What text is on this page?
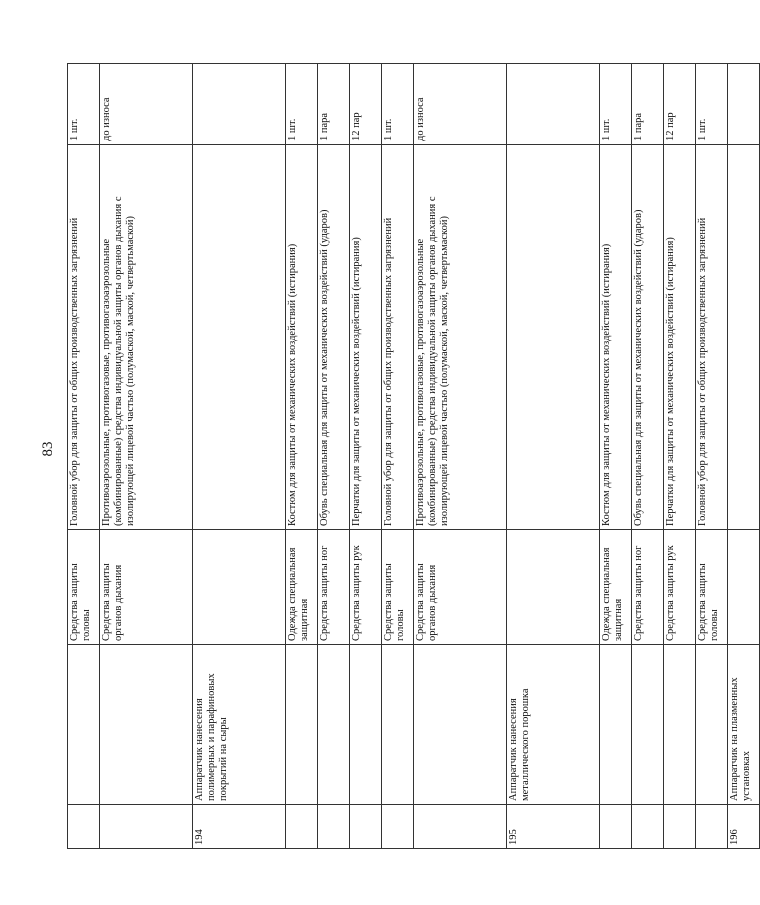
83
		Средства защиты головы	Головной убор для защиты от общих производственных загрязнений	1 шт.
		Средства защиты органов дыхания	Противоаэрозольные, противогазовые, противогазоаэрозольные (комбинированные) средства индивидуальной защиты органов дыхания с изолирующей лицевой частью (полумаской, маской, четвертьмаской)	до износа
194	Аппаратчик нанесения полимерных и парафиновых покрытий на сыры			
		Одежда специальная защитная	Костюм для защиты от механических воздействий (истирания)	1 шт.
		Средства защиты ног	Обувь специальная для защиты от механических воздействий (ударов)	1 пара
		Средства защиты рук	Перчатки для защиты от механических воздействий (истирания)	12 пар
		Средства защиты головы	Головной убор для защиты от общих производственных загрязнений	1 шт.
		Средства защиты органов дыхания	Противоаэрозольные, противогазовые, противогазоаэрозольные (комбинированные) средства индивидуальной защиты органов дыхания с изолирующей лицевой частью (полумаской, маской, четвертьмаской)	до износа
195	Аппаратчик нанесения металлического порошка			
		Одежда специальная защитная	Костюм для защиты от механических воздействий (истирания)	1 шт.
		Средства защиты ног	Обувь специальная для защиты от механических воздействий (ударов)	1 пара
		Средства защиты рук	Перчатки для защиты от механических воздействий (истирания)	12 пар
		Средства защиты головы	Головной убор для защиты от общих производственных загрязнений	1 шт.
196	Аппаратчик на плазменных установках			
